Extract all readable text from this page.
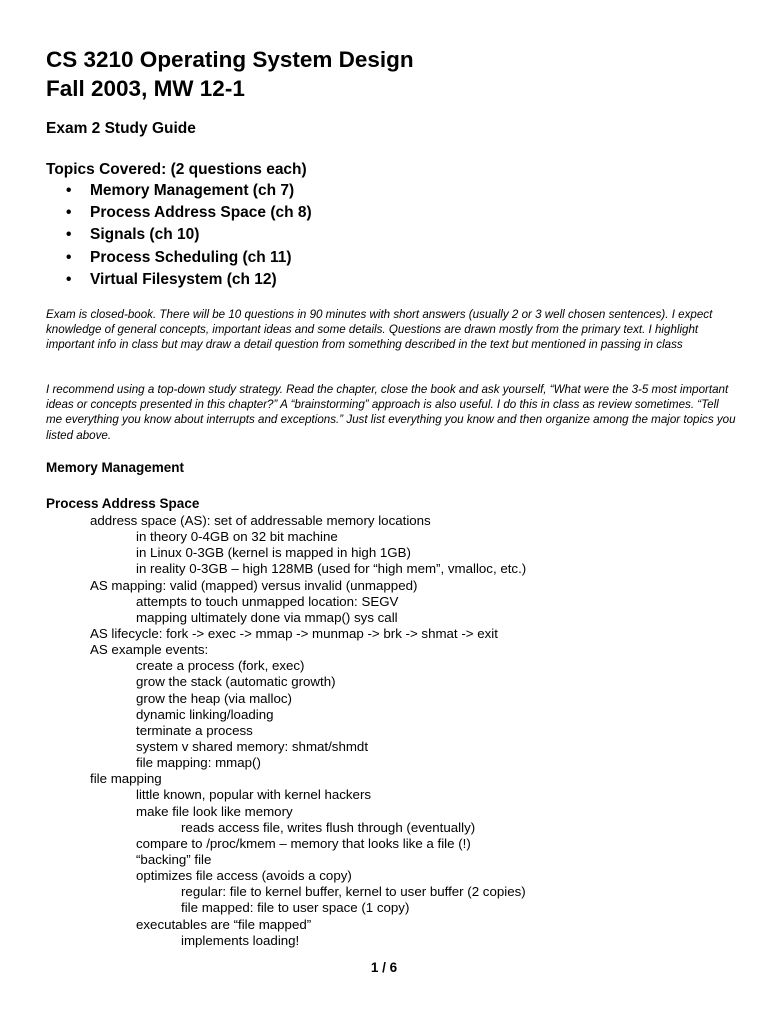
CS 3210 Operating System Design
Fall 2003, MW 12-1
Exam 2 Study Guide
Topics Covered: (2 questions each)
• Memory Management (ch 7)
• Process Address Space (ch 8)
• Signals (ch 10)
• Process Scheduling (ch 11)
• Virtual Filesystem (ch 12)
Exam is closed-book. There will be 10 questions in 90 minutes with short answers (usually 2 or 3 well chosen sentences). I expect knowledge of general concepts, important ideas and some details. Questions are drawn mostly from the primary text. I highlight important info in class but may draw a detail question from something described in the text but mentioned in passing in class
I recommend using a top-down study strategy. Read the chapter, close the book and ask yourself, “What were the 3-5 most important ideas or concepts presented in this chapter?” A “brainstorming” approach is also useful. I do this in class as review sometimes. “Tell me everything you know about interrupts and exceptions.” Just list everything you know and then organize among the major topics you listed above.
Memory Management
Process Address Space
address space (AS): set of addressable memory locations
in theory 0-4GB on 32 bit machine
in Linux 0-3GB (kernel is mapped in high 1GB)
in reality 0-3GB – high 128MB (used for “high mem”, vmalloc, etc.)
AS mapping: valid (mapped) versus invalid (unmapped)
attempts to touch unmapped location: SEGV
mapping ultimately done via mmap() sys call
AS lifecycle: fork -> exec -> mmap -> munmap -> brk -> shmat -> exit
AS example events:
create a process (fork, exec)
grow the stack (automatic growth)
grow the heap (via malloc)
dynamic linking/loading
terminate a process
system v shared memory: shmat/shmdt
file mapping: mmap()
file mapping
little known, popular with kernel hackers
make file look like memory
reads access file, writes flush through (eventually)
compare to /proc/kmem – memory that looks like a file (!)
“backing” file
optimizes file access (avoids a copy)
regular: file to kernel buffer, kernel to user buffer (2 copies)
file mapped: file to user space (1 copy)
executables are “file mapped”
implements loading!
1 / 6
